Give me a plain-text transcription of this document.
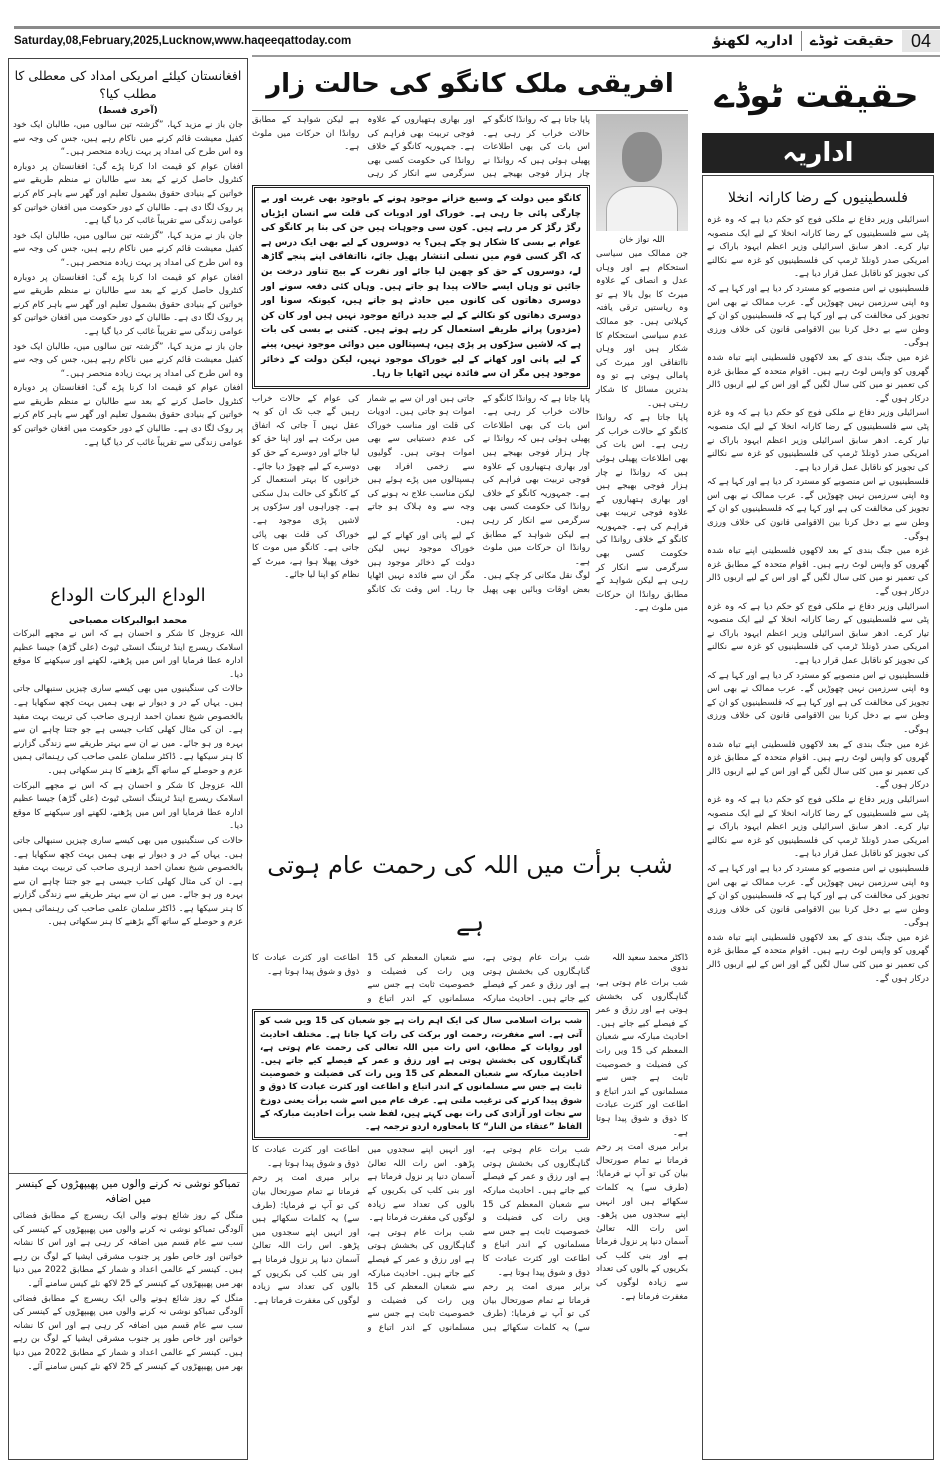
Saturday,08,February,2025,Lucknow,www.haqeeqattoday.com	اداریہ لکھنؤ حقیقت ٹوڈے 04
افغانستان کیلئے امریکی امداد کی معطلی کا مطلب کیا؟
(آخری قسط)

جان باز نے مزید کہا، ”گزشتہ تین سالوں میں، طالبان ایک خود کفیل معیشت قائم کرنے میں ناکام رہے ہیں، جس کی وجہ سے وہ اس طرح کی امداد پر بہت زیادہ منحصر ہیں۔“

افغان عوام کو قیمت ادا کرنا پڑے گی: افغانستان پر دوبارہ کنٹرول حاصل کرنے کے بعد سے طالبان نے منظم طریقے سے خواتین کے بنیادی حقوق بشمول تعلیم اور گھر سے باہر کام کرنے پر روک لگا دی ہے۔ طالبان کے دور حکومت میں افغان خواتین کو عوامی زندگی سے تقریباً غائب کر دیا گیا ہے۔

جان باز نے مزید کہا، ”گزشتہ تین سالوں میں، طالبان ایک خود کفیل معیشت قائم کرنے میں ناکام رہے ہیں، جس کی وجہ سے وہ اس طرح کی امداد پر بہت زیادہ منحصر ہیں۔“

افغان عوام کو قیمت ادا کرنا پڑے گی: افغانستان پر دوبارہ کنٹرول حاصل کرنے کے بعد سے طالبان نے منظم طریقے سے خواتین کے بنیادی حقوق بشمول تعلیم اور گھر سے باہر کام کرنے پر روک لگا دی ہے۔ طالبان کے دور حکومت میں افغان خواتین کو عوامی زندگی سے تقریباً غائب کر دیا گیا ہے۔

جان باز نے مزید کہا، ”گزشتہ تین سالوں میں، طالبان ایک خود کفیل معیشت قائم کرنے میں ناکام رہے ہیں، جس کی وجہ سے وہ اس طرح کی امداد پر بہت زیادہ منحصر ہیں۔“

افغان عوام کو قیمت ادا کرنا پڑے گی: افغانستان پر دوبارہ کنٹرول حاصل کرنے کے بعد سے طالبان نے منظم طریقے سے خواتین کے بنیادی حقوق بشمول تعلیم اور گھر سے باہر کام کرنے پر روک لگا دی ہے۔ طالبان کے دور حکومت میں افغان خواتین کو عوامی زندگی سے تقریباً غائب کر دیا گیا ہے۔

الوداع البرکات الوداع
محمد ابوالبرکات مصباحی

اللہ عزوجل کا شکر و احسان ہے کہ اس نے مجھے البرکات اسلامک ریسرچ اینڈ ٹریننگ انسٹی ٹیوٹ (علی گڑھ) جیسا عظیم ادارہ عطا فرمایا اور اس میں پڑھنے، لکھنے اور سیکھنے کا موقع دیا۔

حالات کی سنگینیوں میں بھی کیسے ساری چیزیں سنبھالی جاتی ہیں۔ یہاں کے در و دیوار نے بھی ہمیں بہت کچھ سکھایا ہے۔ بالخصوص شیخ نعمان احمد ازہری صاحب کی تربیت بہت مفید ہے۔ ان کی مثال کھلی کتاب جیسی ہے جو جتنا چاہے ان سے بہرہ ور ہو جائے۔ میں نے ان سے بہتر طریقے سے زندگی گزارنے کا ہنر سیکھا ہے۔ ڈاکٹر سلمان علمی صاحب کی رہنمائی ہمیں عزم و حوصلے کے ساتھ آگے بڑھنے کا ہنر سکھاتی ہیں۔

اللہ عزوجل کا شکر و احسان ہے کہ اس نے مجھے البرکات اسلامک ریسرچ اینڈ ٹریننگ انسٹی ٹیوٹ (علی گڑھ) جیسا عظیم ادارہ عطا فرمایا اور اس میں پڑھنے، لکھنے اور سیکھنے کا موقع دیا۔

حالات کی سنگینیوں میں بھی کیسے ساری چیزیں سنبھالی جاتی ہیں۔ یہاں کے در و دیوار نے بھی ہمیں بہت کچھ سکھایا ہے۔ بالخصوص شیخ نعمان احمد ازہری صاحب کی تربیت بہت مفید ہے۔ ان کی مثال کھلی کتاب جیسی ہے جو جتنا چاہے ان سے بہرہ ور ہو جائے۔ میں نے ان سے بہتر طریقے سے زندگی گزارنے کا ہنر سیکھا ہے۔ ڈاکٹر سلمان علمی صاحب کی رہنمائی ہمیں عزم و حوصلے کے ساتھ آگے بڑھنے کا ہنر سکھاتی ہیں۔

تمباکو نوشی نہ کرنے والوں میں پھیپھڑوں کے کینسر میں اضافہ

منگل کے روز شائع ہونے والی ایک ریسرچ کے مطابق فضائی آلودگی تمباکو نوشی نہ کرنے والوں میں پھیپھڑوں کے کینسر کی سب سے عام قسم میں اضافہ کر رہی ہے اور اس کا نشانہ خواتین اور خاص طور پر جنوب مشرقی ایشیا کے لوگ بن رہے ہیں۔ کینسر کے عالمی اعداد و شمار کے مطابق 2022 میں دنیا بھر میں پھیپھڑوں کے کینسر کے 25 لاکھ نئے کیس سامنے آئے۔

منگل کے روز شائع ہونے والی ایک ریسرچ کے مطابق فضائی آلودگی تمباکو نوشی نہ کرنے والوں میں پھیپھڑوں کے کینسر کی سب سے عام قسم میں اضافہ کر رہی ہے اور اس کا نشانہ خواتین اور خاص طور پر جنوب مشرقی ایشیا کے لوگ بن رہے ہیں۔ کینسر کے عالمی اعداد و شمار کے مطابق 2022 میں دنیا بھر میں پھیپھڑوں کے کینسر کے 25 لاکھ نئے کیس سامنے آئے۔

افریقی ملک کانگو کی حالت زار

پایا جاتا ہے کہ روانڈا کانگو کے حالات خراب کر رہی ہے۔ اس بات کی بھی اطلاعات پھیلی ہوئی ہیں کہ روانڈا نے چار ہزار فوجی بھیجے ہیں اور بھاری ہتھیاروں کے علاوہ فوجی تربیت بھی فراہم کی ہے۔ جمہوریہ کانگو کے خلاف روانڈا کی حکومت کسی بھی سرگرمی سے انکار کر رہی ہے لیکن شواہد کے مطابق روانڈا ان حرکات میں ملوث ہے۔

کانگو میں دولت کے وسیع خزانے موجود ہونے کے باوجود بھی غربت اور بے چارگی پائی جا رہی ہے۔ خوراک اور ادویات کی قلت سے انسان ایڑیاں رگڑ رگڑ کر مر رہے ہیں۔ کون سی وجوہات ہیں جن کی بنا پر کانگو کی عوام بے بسی کا شکار ہو چکے ہیں؟ یہ دوسروں کے لیے بھی ایک درس ہے کہ اگر کسی قوم میں نسلی انتشار پھیل جائے، نااتفاقی اپنے پنجے گاڑھ لے، دوسروں کے حق کو چھین لیا جائے اور نفرت کے بیج تناور درخت بن جائیں تو وہاں ایسے حالات پیدا ہو جاتے ہیں۔ وہاں کئی دفعہ سونے اور دوسری دھاتوں کی کانوں میں حادثے ہو جاتے ہیں، کیونکہ سونا اور دوسری دھاتوں کو نکالنے کے لیے جدید ذرائع موجود نہیں ہیں اور کان کن (مزدور) پرانے طریقے استعمال کر رہے ہوتے ہیں۔ کتنی بے بسی کی بات ہے کہ لاشیں سڑکوں پر پڑی ہیں، ہسپتالوں میں دوائی موجود نہیں، پینے کے لیے پانی اور کھانے کے لیے خوراک موجود نہیں، لیکن دولت کے ذخائر موجود ہیں مگر ان سے فائدہ نہیں اٹھایا جا رہا۔

پایا جاتا ہے کہ روانڈا کانگو کے حالات خراب کر رہی ہے۔ اس بات کی بھی اطلاعات پھیلی ہوئی ہیں کہ روانڈا نے چار ہزار فوجی بھیجے ہیں اور بھاری ہتھیاروں کے علاوہ فوجی تربیت بھی فراہم کی ہے۔ جمہوریہ کانگو کے خلاف روانڈا کی حکومت کسی بھی سرگرمی سے انکار کر رہی ہے لیکن شواہد کے مطابق روانڈا ان حرکات میں ملوث ہے۔

لوگ نقل مکانی کر چکے ہیں۔ بعض اوقات وبائیں بھی پھیل جاتی ہیں اور ان سے بے شمار اموات ہو جاتی ہیں۔ ادویات کی قلت اور مناسب خوراک کی عدم دستیابی سے بھی اموات ہوتی ہیں۔ گولیوں سے زخمی افراد بھی ہسپتالوں میں پڑے ہوئے ہیں لیکن مناسب علاج نہ ہونے کی وجہ سے وہ ہلاک ہو جاتے ہیں۔

کے لیے پانی اور کھانے کے لیے خوراک موجود نہیں لیکن دولت کے ذخائر موجود ہیں مگر ان سے فائدہ نہیں اٹھایا جا رہا۔ اس وقت تک کانگو کی عوام کے حالات خراب رہیں گے جب تک ان کو یہ عقل نہیں آ جاتی کہ اتفاق میں برکت ہے اور اپنا حق کو لیا جائے اور دوسرے کے حق کو دوسرے کے لیے چھوڑ دیا جائے۔ خزانوں کا بہتر استعمال کر کے کانگو کی حالت بدل سکتی ہے۔ چوراہوں اور سڑکوں پر لاشیں پڑی موجود ہے۔ خوراک کی قلت بھی پائی جاتی ہے۔ کانگو میں موت کا خوف پھیلا ہوا ہے، میرٹ کے نظام کو اپنا لیا جائے۔

اللہ نواز خان

جن ممالک میں سیاسی استحکام ہے اور وہاں عدل و انصاف کے علاوہ میرٹ کا بول بالا ہے تو وہ ریاستیں ترقی یافتہ کہلاتی ہیں۔ جو ممالک عدم سیاسی استحکام کا شکار ہیں اور وہاں نااتفاقی اور میرٹ کی پامالی ہوتی ہے تو وہ بدترین مسائل کا شکار رہتی ہیں۔

پایا جاتا ہے کہ روانڈا کانگو کے حالات خراب کر رہی ہے۔ اس بات کی بھی اطلاعات پھیلی ہوئی ہیں کہ روانڈا نے چار ہزار فوجی بھیجے ہیں اور بھاری ہتھیاروں کے علاوہ فوجی تربیت بھی فراہم کی ہے۔ جمہوریہ کانگو کے خلاف روانڈا کی حکومت کسی بھی سرگرمی سے انکار کر رہی ہے لیکن شواہد کے مطابق روانڈا ان حرکات میں ملوث ہے۔

شب برأت میں اللہ کی رحمت عام ہوتی ہے

شب برات عام ہوتی ہے، گناہگاروں کی بخشش ہوتی ہے اور رزق و عمر کے فیصلے کیے جاتے ہیں۔ احادیث مبارکہ سے شعبان المعظم کی 15 ویں رات کی فضیلت و خصوصیت ثابت ہے جس سے مسلمانوں کے اندر اتباع و اطاعت اور کثرت عبادت کا ذوق و شوق پیدا ہوتا ہے۔

شب برات اسلامی سال کی ایک اہم رات ہے جو شعبان کی 15 ویں شب کو آتی ہے۔ اسے مغفرت، رحمت اور برکت کی رات کہا جاتا ہے۔ مختلف احادیث اور روایات کے مطابق، اس رات میں اللہ تعالی کی رحمت عام ہوتی ہے، گناہگاروں کی بخشش ہوتی ہے اور رزق و عمر کے فیصلے کیے جاتے ہیں۔ احادیث مبارکہ سے شعبان المعظم کی 15 ویں رات کی فضیلت و خصوصیت ثابت ہے جس سے مسلمانوں کے اندر اتباع و اطاعت اور کثرت عبادت کا ذوق و شوق پیدا کرتے کی ترغیب ملتی ہے۔ عرف عام میں اسے شب برأت یعنی دوزخ سے نجات اور آزادی کی رات بھی کہتے ہیں، لفظ شب برأت احادیث مبارکہ کے الفاظ ”عتقاء من النار“ کا بامحاورہ اردو ترجمہ ہے۔

شب برات عام ہوتی ہے، گناہگاروں کی بخشش ہوتی ہے اور رزق و عمر کے فیصلے کیے جاتے ہیں۔ احادیث مبارکہ سے شعبان المعظم کی 15 ویں رات کی فضیلت و خصوصیت ثابت ہے جس سے مسلمانوں کے اندر اتباع و اطاعت اور کثرت عبادت کا ذوق و شوق پیدا ہوتا ہے۔

برابر میری امت پر رحم فرماتا نے تمام صورتحال بیان کی تو آپ نے فرمایا: (طرف سے) یہ کلمات سکھائے ہیں اور انہیں اپنے سجدوں میں پڑھو۔ اس رات اللہ تعالیٰ آسمان دنیا پر نزول فرماتا ہے اور بنی کلب کی بکریوں کے بالوں کی تعداد سے زیادہ لوگوں کی مغفرت فرماتا ہے۔

شب برات عام ہوتی ہے، گناہگاروں کی بخشش ہوتی ہے اور رزق و عمر کے فیصلے کیے جاتے ہیں۔ احادیث مبارکہ سے شعبان المعظم کی 15 ویں رات کی فضیلت و خصوصیت ثابت ہے جس سے مسلمانوں کے اندر اتباع و اطاعت اور کثرت عبادت کا ذوق و شوق پیدا ہوتا ہے۔

برابر میری امت پر رحم فرماتا نے تمام صورتحال بیان کی تو آپ نے فرمایا: (طرف سے) یہ کلمات سکھائے ہیں اور انہیں اپنے سجدوں میں پڑھو۔ اس رات اللہ تعالیٰ آسمان دنیا پر نزول فرماتا ہے اور بنی کلب کی بکریوں کے بالوں کی تعداد سے زیادہ لوگوں کی مغفرت فرماتا ہے۔

ڈاکٹر محمد سعید اللہ ندوی

شب برات عام ہوتی ہے، گناہگاروں کی بخشش ہوتی ہے اور رزق و عمر کے فیصلے کیے جاتے ہیں۔ احادیث مبارکہ سے شعبان المعظم کی 15 ویں رات کی فضیلت و خصوصیت ثابت ہے جس سے مسلمانوں کے اندر اتباع و اطاعت اور کثرت عبادت کا ذوق و شوق پیدا ہوتا ہے۔

برابر میری امت پر رحم فرماتا نے تمام صورتحال بیان کی تو آپ نے فرمایا: (طرف سے) یہ کلمات سکھائے ہیں اور انہیں اپنے سجدوں میں پڑھو۔ اس رات اللہ تعالیٰ آسمان دنیا پر نزول فرماتا ہے اور بنی کلب کی بکریوں کے بالوں کی تعداد سے زیادہ لوگوں کی مغفرت فرماتا ہے۔

حقیقت ٹوڈے
اداریہ
فلسطینیوں کے رضا کارانہ انخلا

اسرائیلی وزیر دفاع نے ملکی فوج کو حکم دیا ہے کہ وہ غزہ پٹی سے فلسطینیوں کے رضا کارانہ انخلا کے لیے ایک منصوبہ تیار کرے۔ ادھر سابق اسرائیلی وزیر اعظم ایہود باراک نے امریکی صدر ڈونلڈ ٹرمپ کی فلسطینیوں کو غزہ سے نکالنے کی تجویز کو ناقابل عمل قرار دیا ہے۔

فلسطینیوں نے اس منصوبے کو مسترد کر دیا ہے اور کہا ہے کہ وہ اپنی سرزمین نہیں چھوڑیں گے۔ عرب ممالک نے بھی اس تجویز کی مخالفت کی ہے اور کہا ہے کہ فلسطینیوں کو ان کے وطن سے بے دخل کرنا بین الاقوامی قانون کی خلاف ورزی ہوگی۔

غزہ میں جنگ بندی کے بعد لاکھوں فلسطینی اپنے تباہ شدہ گھروں کو واپس لوٹ رہے ہیں۔ اقوام متحدہ کے مطابق غزہ کی تعمیر نو میں کئی سال لگیں گے اور اس کے لیے اربوں ڈالر درکار ہوں گے۔

اسرائیلی وزیر دفاع نے ملکی فوج کو حکم دیا ہے کہ وہ غزہ پٹی سے فلسطینیوں کے رضا کارانہ انخلا کے لیے ایک منصوبہ تیار کرے۔ ادھر سابق اسرائیلی وزیر اعظم ایہود باراک نے امریکی صدر ڈونلڈ ٹرمپ کی فلسطینیوں کو غزہ سے نکالنے کی تجویز کو ناقابل عمل قرار دیا ہے۔

فلسطینیوں نے اس منصوبے کو مسترد کر دیا ہے اور کہا ہے کہ وہ اپنی سرزمین نہیں چھوڑیں گے۔ عرب ممالک نے بھی اس تجویز کی مخالفت کی ہے اور کہا ہے کہ فلسطینیوں کو ان کے وطن سے بے دخل کرنا بین الاقوامی قانون کی خلاف ورزی ہوگی۔

غزہ میں جنگ بندی کے بعد لاکھوں فلسطینی اپنے تباہ شدہ گھروں کو واپس لوٹ رہے ہیں۔ اقوام متحدہ کے مطابق غزہ کی تعمیر نو میں کئی سال لگیں گے اور اس کے لیے اربوں ڈالر درکار ہوں گے۔

اسرائیلی وزیر دفاع نے ملکی فوج کو حکم دیا ہے کہ وہ غزہ پٹی سے فلسطینیوں کے رضا کارانہ انخلا کے لیے ایک منصوبہ تیار کرے۔ ادھر سابق اسرائیلی وزیر اعظم ایہود باراک نے امریکی صدر ڈونلڈ ٹرمپ کی فلسطینیوں کو غزہ سے نکالنے کی تجویز کو ناقابل عمل قرار دیا ہے۔

فلسطینیوں نے اس منصوبے کو مسترد کر دیا ہے اور کہا ہے کہ وہ اپنی سرزمین نہیں چھوڑیں گے۔ عرب ممالک نے بھی اس تجویز کی مخالفت کی ہے اور کہا ہے کہ فلسطینیوں کو ان کے وطن سے بے دخل کرنا بین الاقوامی قانون کی خلاف ورزی ہوگی۔

غزہ میں جنگ بندی کے بعد لاکھوں فلسطینی اپنے تباہ شدہ گھروں کو واپس لوٹ رہے ہیں۔ اقوام متحدہ کے مطابق غزہ کی تعمیر نو میں کئی سال لگیں گے اور اس کے لیے اربوں ڈالر درکار ہوں گے۔

اسرائیلی وزیر دفاع نے ملکی فوج کو حکم دیا ہے کہ وہ غزہ پٹی سے فلسطینیوں کے رضا کارانہ انخلا کے لیے ایک منصوبہ تیار کرے۔ ادھر سابق اسرائیلی وزیر اعظم ایہود باراک نے امریکی صدر ڈونلڈ ٹرمپ کی فلسطینیوں کو غزہ سے نکالنے کی تجویز کو ناقابل عمل قرار دیا ہے۔

فلسطینیوں نے اس منصوبے کو مسترد کر دیا ہے اور کہا ہے کہ وہ اپنی سرزمین نہیں چھوڑیں گے۔ عرب ممالک نے بھی اس تجویز کی مخالفت کی ہے اور کہا ہے کہ فلسطینیوں کو ان کے وطن سے بے دخل کرنا بین الاقوامی قانون کی خلاف ورزی ہوگی۔

غزہ میں جنگ بندی کے بعد لاکھوں فلسطینی اپنے تباہ شدہ گھروں کو واپس لوٹ رہے ہیں۔ اقوام متحدہ کے مطابق غزہ کی تعمیر نو میں کئی سال لگیں گے اور اس کے لیے اربوں ڈالر درکار ہوں گے۔
